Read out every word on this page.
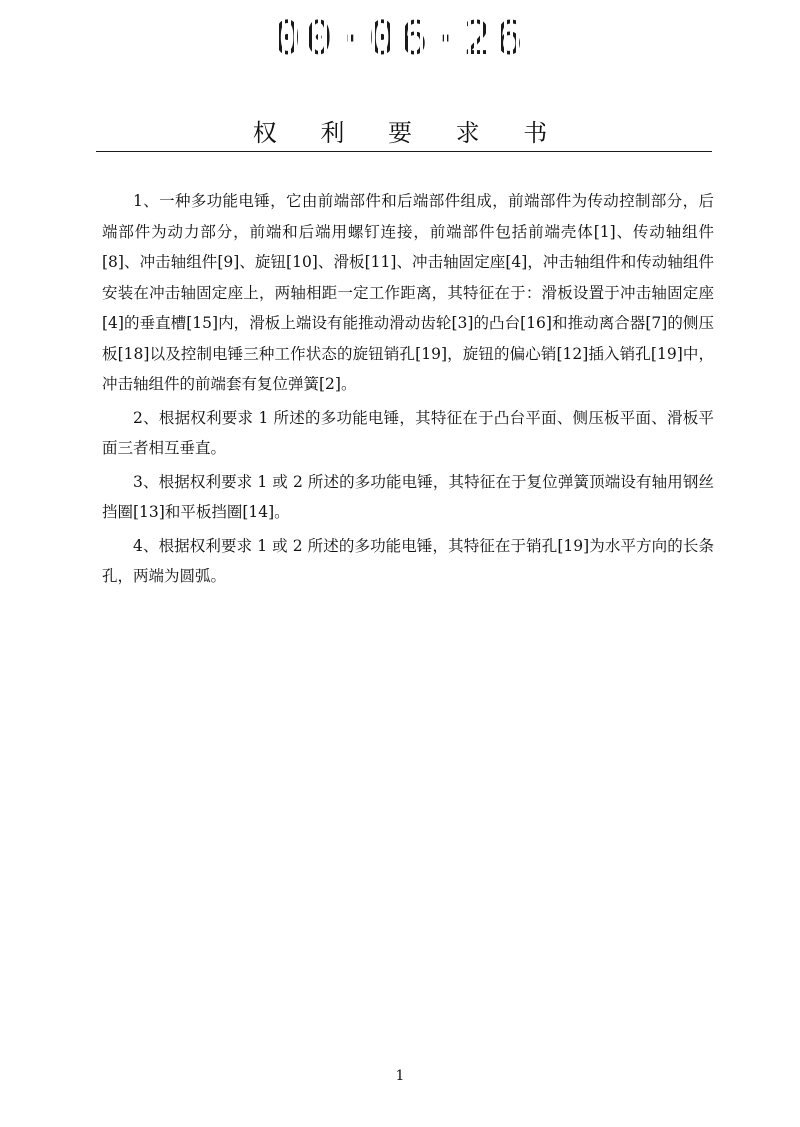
00·06·26
权 利 要 求 书

1、一种多功能电锤，它由前端部件和后端部件组成，前端部件为传动控制部分，后端部件为动力部分，前端和后端用螺钉连接，前端部件包括前端壳体[1]、传动轴组件[8]、冲击轴组件[9]、旋钮[10]、滑板[11]、冲击轴固定座[4]，冲击轴组件和传动轴组件安装在冲击轴固定座上，两轴相距一定工作距离，其特征在于：滑板设置于冲击轴固定座[4]的垂直槽[15]内，滑板上端设有能推动滑动齿轮[3]的凸台[16]和推动离合器[7]的侧压板[18]以及控制电锤三种工作状态的旋钮销孔[19]，旋钮的偏心销[12]插入销孔[19]中，冲击轴组件的前端套有复位弹簧[2]。

2、根据权利要求 1 所述的多功能电锤，其特征在于凸台平面、侧压板平面、滑板平面三者相互垂直。

3、根据权利要求 1 或 2 所述的多功能电锤，其特征在于复位弹簧顶端设有轴用钢丝挡圈[13]和平板挡圈[14]。

4、根据权利要求 1 或 2 所述的多功能电锤，其特征在于销孔[19]为水平方向的长条孔，两端为圆弧。

1
